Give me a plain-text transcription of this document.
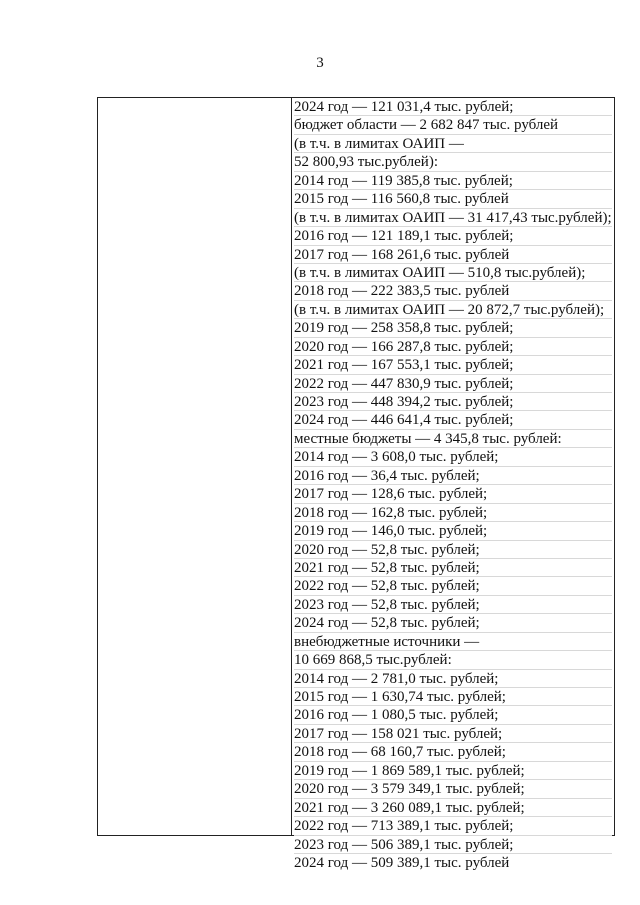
3
2024 год — 121 031,4 тыс. рублей;
бюджет области — 2 682 847 тыс. рублей
(в т.ч. в лимитах ОАИП —
52 800,93 тыс.рублей):
2014 год — 119 385,8 тыс. рублей;
2015 год — 116 560,8 тыс. рублей
(в т.ч. в лимитах ОАИП — 31 417,43 тыс.рублей);
2016 год — 121 189,1 тыс. рублей;
2017 год — 168 261,6 тыс. рублей
(в т.ч. в лимитах ОАИП — 510,8 тыс.рублей);
2018 год — 222 383,5 тыс. рублей
(в т.ч. в лимитах ОАИП — 20 872,7 тыс.рублей);
2019 год — 258 358,8 тыс. рублей;
2020 год — 166 287,8 тыс. рублей;
2021 год — 167 553,1 тыс. рублей;
2022 год — 447 830,9 тыс. рублей;
2023 год — 448 394,2 тыс. рублей;
2024 год — 446 641,4 тыс. рублей;
местные бюджеты — 4 345,8 тыс. рублей:
2014 год — 3 608,0 тыс. рублей;
2016 год — 36,4 тыс. рублей;
2017 год — 128,6 тыс. рублей;
2018 год — 162,8 тыс. рублей;
2019 год — 146,0 тыс. рублей;
2020 год — 52,8 тыс. рублей;
2021 год — 52,8 тыс. рублей;
2022 год — 52,8 тыс. рублей;
2023 год — 52,8 тыс. рублей;
2024 год — 52,8 тыс. рублей;
внебюджетные источники —
10 669 868,5 тыс.рублей:
2014 год — 2 781,0 тыс. рублей;
2015 год — 1 630,74 тыс. рублей;
2016 год — 1 080,5 тыс. рублей;
2017 год — 158 021 тыс. рублей;
2018 год — 68 160,7 тыс. рублей;
2019 год — 1 869 589,1 тыс. рублей;
2020 год — 3 579 349,1 тыс. рублей;
2021 год — 3 260 089,1 тыс. рублей;
2022 год — 713 389,1 тыс. рублей;
2023 год — 506 389,1 тыс. рублей;
2024 год — 509 389,1 тыс. рублей
